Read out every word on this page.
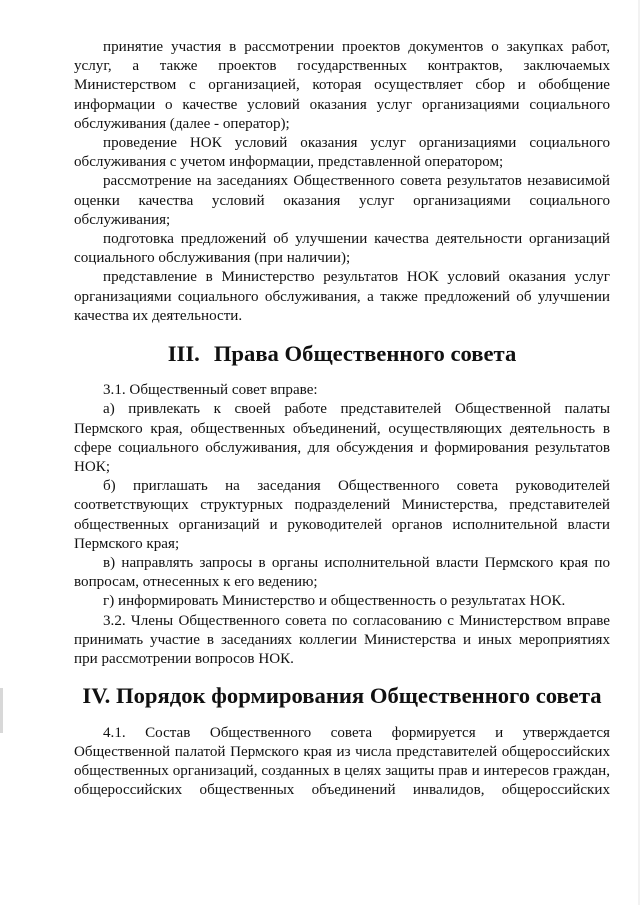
принятие участия в рассмотрении проектов документов о закупках работ, услуг, а также проектов государственных контрактов, заключаемых Министерством с организацией, которая осуществляет сбор и обобщение информации о качестве условий оказания услуг организациями социального обслуживания (далее - оператор);

проведение НОК условий оказания услуг организациями социального обслуживания с учетом информации, представленной оператором;

рассмотрение на заседаниях Общественного совета результатов независимой оценки качества условий оказания услуг организациями социального обслуживания;

подготовка предложений об улучшении качества деятельности организаций социального обслуживания (при наличии);

представление в Министерство результатов НОК условий оказания услуг организациями социального обслуживания, а также предложений об улучшении качества их деятельности.

III. Права Общественного совета

3.1. Общественный совет вправе:

а) привлекать к своей работе представителей Общественной палаты Пермского края, общественных объединений, осуществляющих деятельность в сфере социального обслуживания, для обсуждения и формирования результатов НОК;

б) приглашать на заседания Общественного совета руководителей соответствующих структурных подразделений Министерства, представителей общественных организаций и руководителей органов исполнительной власти Пермского края;

в) направлять запросы в органы исполнительной власти Пермского края по вопросам, отнесенных к его ведению;

г) информировать Министерство и общественность о результатах НОК.

3.2. Члены Общественного совета по согласованию с Министерством вправе принимать участие в заседаниях коллегии Министерства и иных мероприятиях при рассмотрении вопросов НОК.

IV. Порядок формирования Общественного совета

4.1. Состав Общественного совета формируется и утверждается Общественной палатой Пермского края из числа представителей общероссийских общественных организаций, созданных в целях защиты прав и интересов граждан, общероссийских общественных объединений инвалидов, общероссийских
